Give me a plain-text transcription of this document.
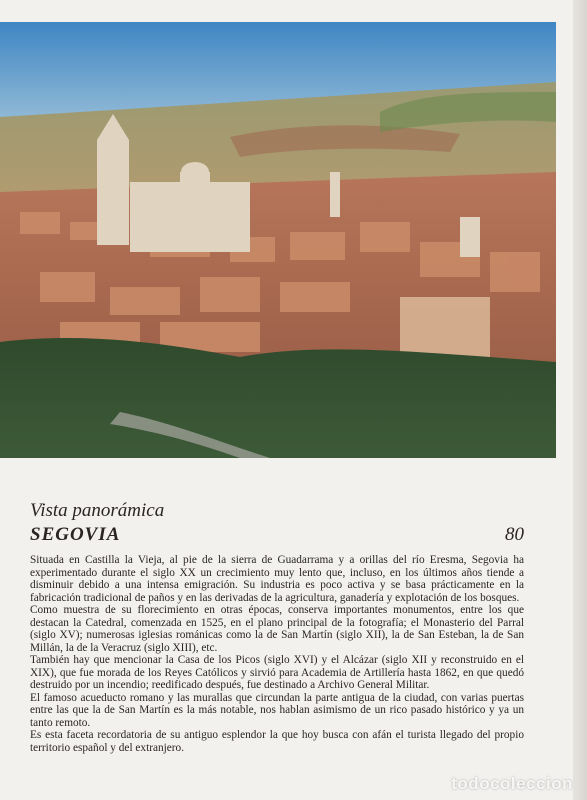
Vista panorámica

SEGOVIA	80

Situada en Castilla la Vieja, al pie de la sierra de Guadarrama y a orillas del río Eresma, Segovia ha experimentado durante el siglo XX un crecimiento muy lento que, incluso, en los últimos años tiende a disminuir debido a una intensa emigración. Su industria es poco activa y se basa prácticamente en la fabricación tradicional de paños y en las derivadas de la agricultura, ganadería y explotación de los bosques.

Como muestra de su florecimiento en otras épocas, conserva importantes monumentos, entre los que destacan la Catedral, comenzada en 1525, en el plano principal de la fotografía; el Monasterio del Parral (siglo XV); numerosas iglesias románicas como la de San Martín (siglo XII), la de San Esteban, la de San Millán, la de la Veracruz (siglo XIII), etc.

También hay que mencionar la Casa de los Picos (siglo XVI) y el Alcázar (siglo XII y reconstruido en el XIX), que fue morada de los Reyes Católicos y sirvió para Academia de Artillería hasta 1862, en que quedó destruido por un incendio; reedificado después, fue destinado a Archivo General Militar.

El famoso acueducto romano y las murallas que circundan la parte antigua de la ciudad, con varias puertas entre las que la de San Martín es la más notable, nos hablan asimismo de un rico pasado histórico y ya un tanto remoto.

Es esta faceta recordatoria de su antiguo esplendor la que hoy busca con afán el turista llegado del propio territorio español y del extranjero.

todocoleccion
